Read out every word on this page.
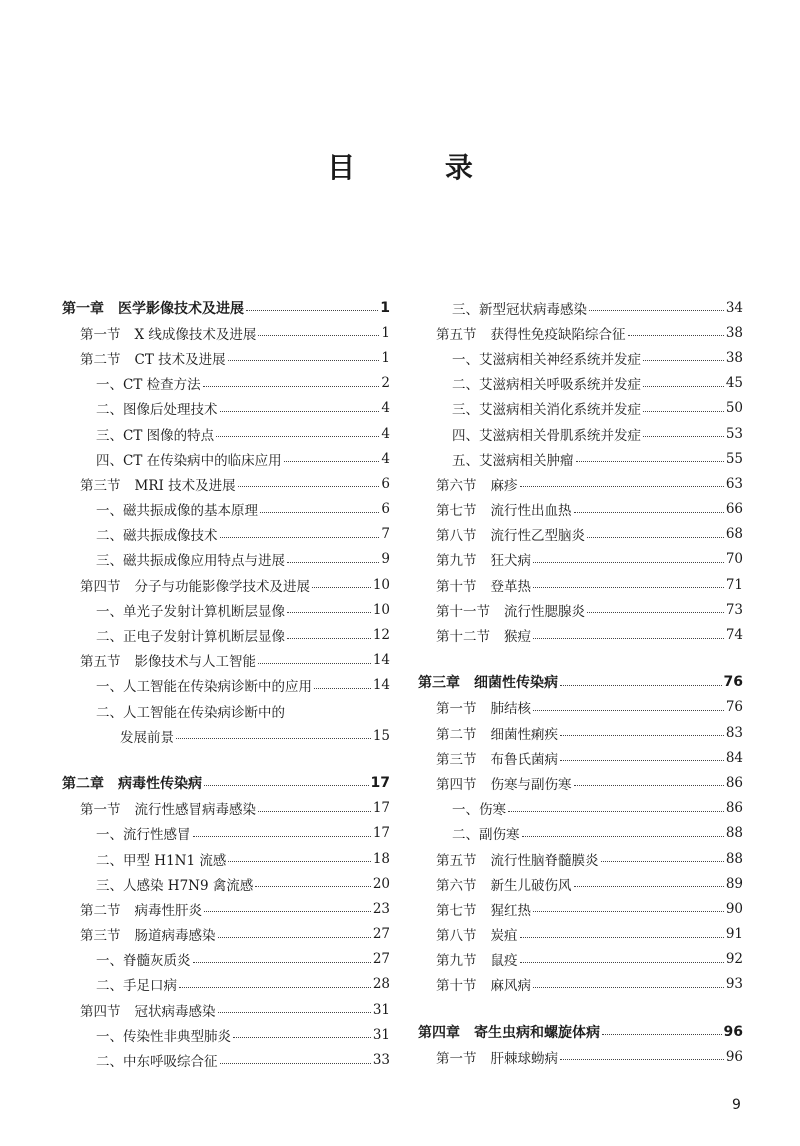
目 录
第一章 医学影像技术及进展	1
第一节 X 线成像技术及进展	1
第二节 CT 技术及进展	1
一、CT 检查方法	2
二、图像后处理技术	4
三、CT 图像的特点	4
四、CT 在传染病中的临床应用	4
第三节 MRI 技术及进展	6
一、磁共振成像的基本原理	6
二、磁共振成像技术	7
三、磁共振成像应用特点与进展	9
第四节 分子与功能影像学技术及进展	10
一、单光子发射计算机断层显像	10
二、正电子发射计算机断层显像	12
第五节 影像技术与人工智能	14
一、人工智能在传染病诊断中的应用	14
二、人工智能在传染病诊断中的
发展前景	15
第二章 病毒性传染病	17
第一节 流行性感冒病毒感染	17
一、流行性感冒	17
二、甲型 H1N1 流感	18
三、人感染 H7N9 禽流感	20
第二节 病毒性肝炎	23
第三节 肠道病毒感染	27
一、脊髓灰质炎	27
二、手足口病	28
第四节 冠状病毒感染	31
一、传染性非典型肺炎	31
二、中东呼吸综合征	33
三、新型冠状病毒感染	34
第五节 获得性免疫缺陷综合征	38
一、艾滋病相关神经系统并发症	38
二、艾滋病相关呼吸系统并发症	45
三、艾滋病相关消化系统并发症	50
四、艾滋病相关骨肌系统并发症	53
五、艾滋病相关肿瘤	55
第六节 麻疹	63
第七节 流行性出血热	66
第八节 流行性乙型脑炎	68
第九节 狂犬病	70
第十节 登革热	71
第十一节 流行性腮腺炎	73
第十二节 猴痘	74
第三章 细菌性传染病	76
第一节 肺结核	76
第二节 细菌性痢疾	83
第三节 布鲁氏菌病	84
第四节 伤寒与副伤寒	86
一、伤寒	86
二、副伤寒	88
第五节 流行性脑脊髓膜炎	88
第六节 新生儿破伤风	89
第七节 猩红热	90
第八节 炭疽	91
第九节 鼠疫	92
第十节 麻风病	93
第四章 寄生虫病和螺旋体病	96
第一节 肝棘球蚴病	96
9
